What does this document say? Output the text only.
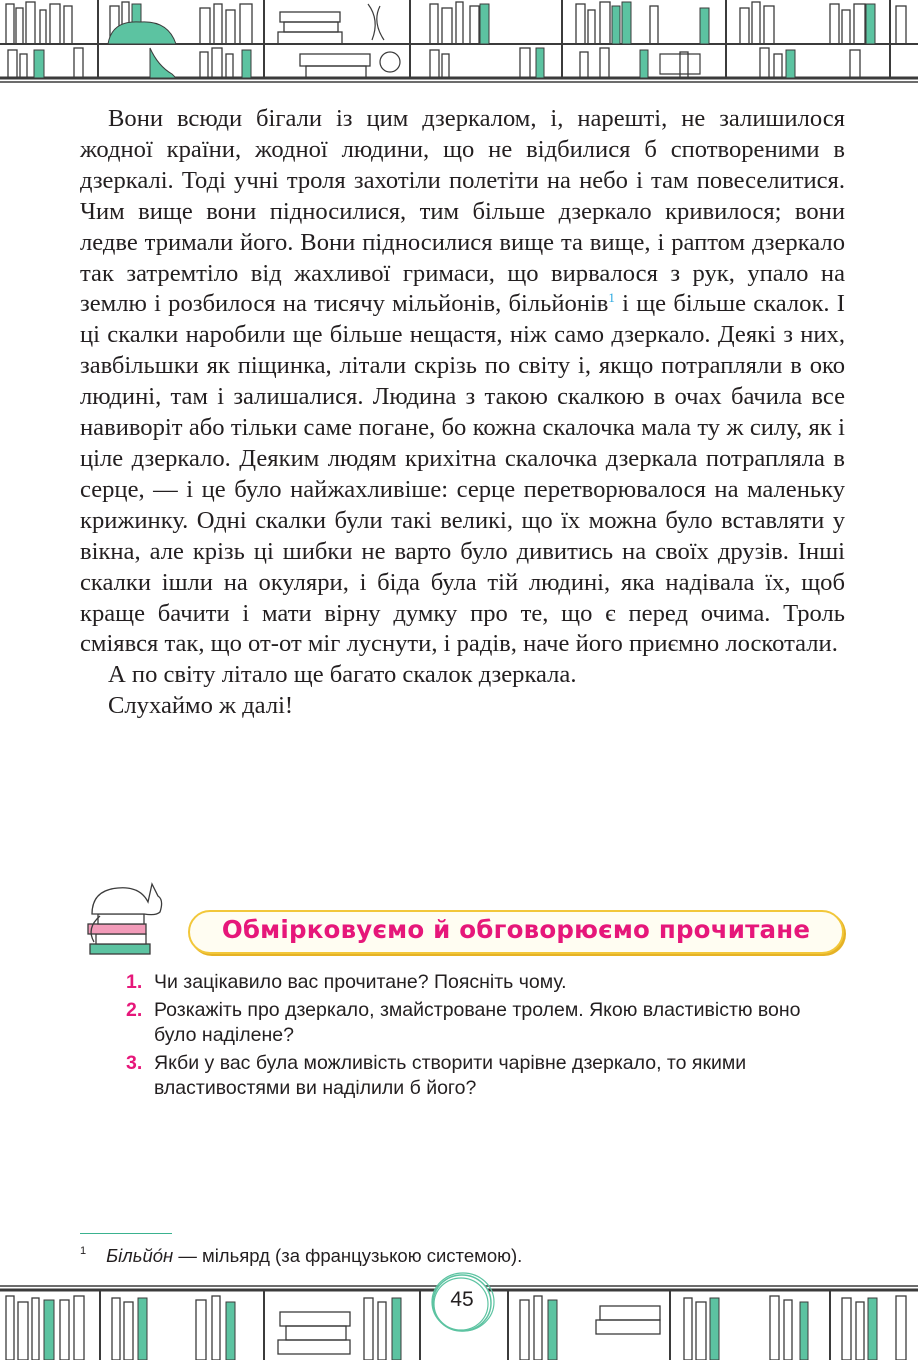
Вони всюди бігали із цим дзеркалом, і, нарешті, не залишилося жодної країни, жодної людини, що не відбилися б спотвореними в дзеркалі. Тоді учні троля захотіли полетіти на небо і там повеселитися. Чим вище вони підносилися, тим більше дзеркало кривилося; вони ледве тримали його. Вони підносилися вище та вище, і раптом дзеркало так затремтіло від жахливої гримаси, що вирвалося з рук, упало на землю і розбилося на тисячу мільйонів, більйонів$^1$ і ще більше скалок. І ці скалки наробили ще більше нещастя, ніж само дзеркало. Деякі з них, завбільшки як піщинка, літали скрізь по світу і, якщо потрапляли в око людині, там і залишалися. Людина з такою скалкою в очах бачила все навиворіт або тільки саме погане, бо кожна скалочка мала ту ж силу, як і ціле дзеркало. Деяким людям крихітна скалочка дзеркала потрапляла в серце, — і це було найжахливіше: серце перетворювалося на маленьку крижинку. Одні скалки були такі великі, що їх можна було вставляти у вікна, але крізь ці шибки не варто було дивитись на своїх друзів. Інші скалки ішли на окуляри, і біда була тій людині, яка надівала їх, щоб краще бачити і мати вірну думку про те, що є перед очима. Троль сміявся так, що от-от міг луснути, і радів, наче його приємно лоскотали.

А по світу літало ще багато скалок дзеркала.

Слухаймо ж далі!

Обмірковуємо й обговорюємо прочитане
1. Чи зацікавило вас прочитане? Поясніть чому.
2. Розкажіть про дзеркало, змайстроване тролем. Якою властивістю воно було наділене?
3. Якби у вас була можливість створити чарівне дзеркало, то якими властивостями ви наділили б його?
$^1$ Більйо́н — мільярд (за французькою системою).
45
